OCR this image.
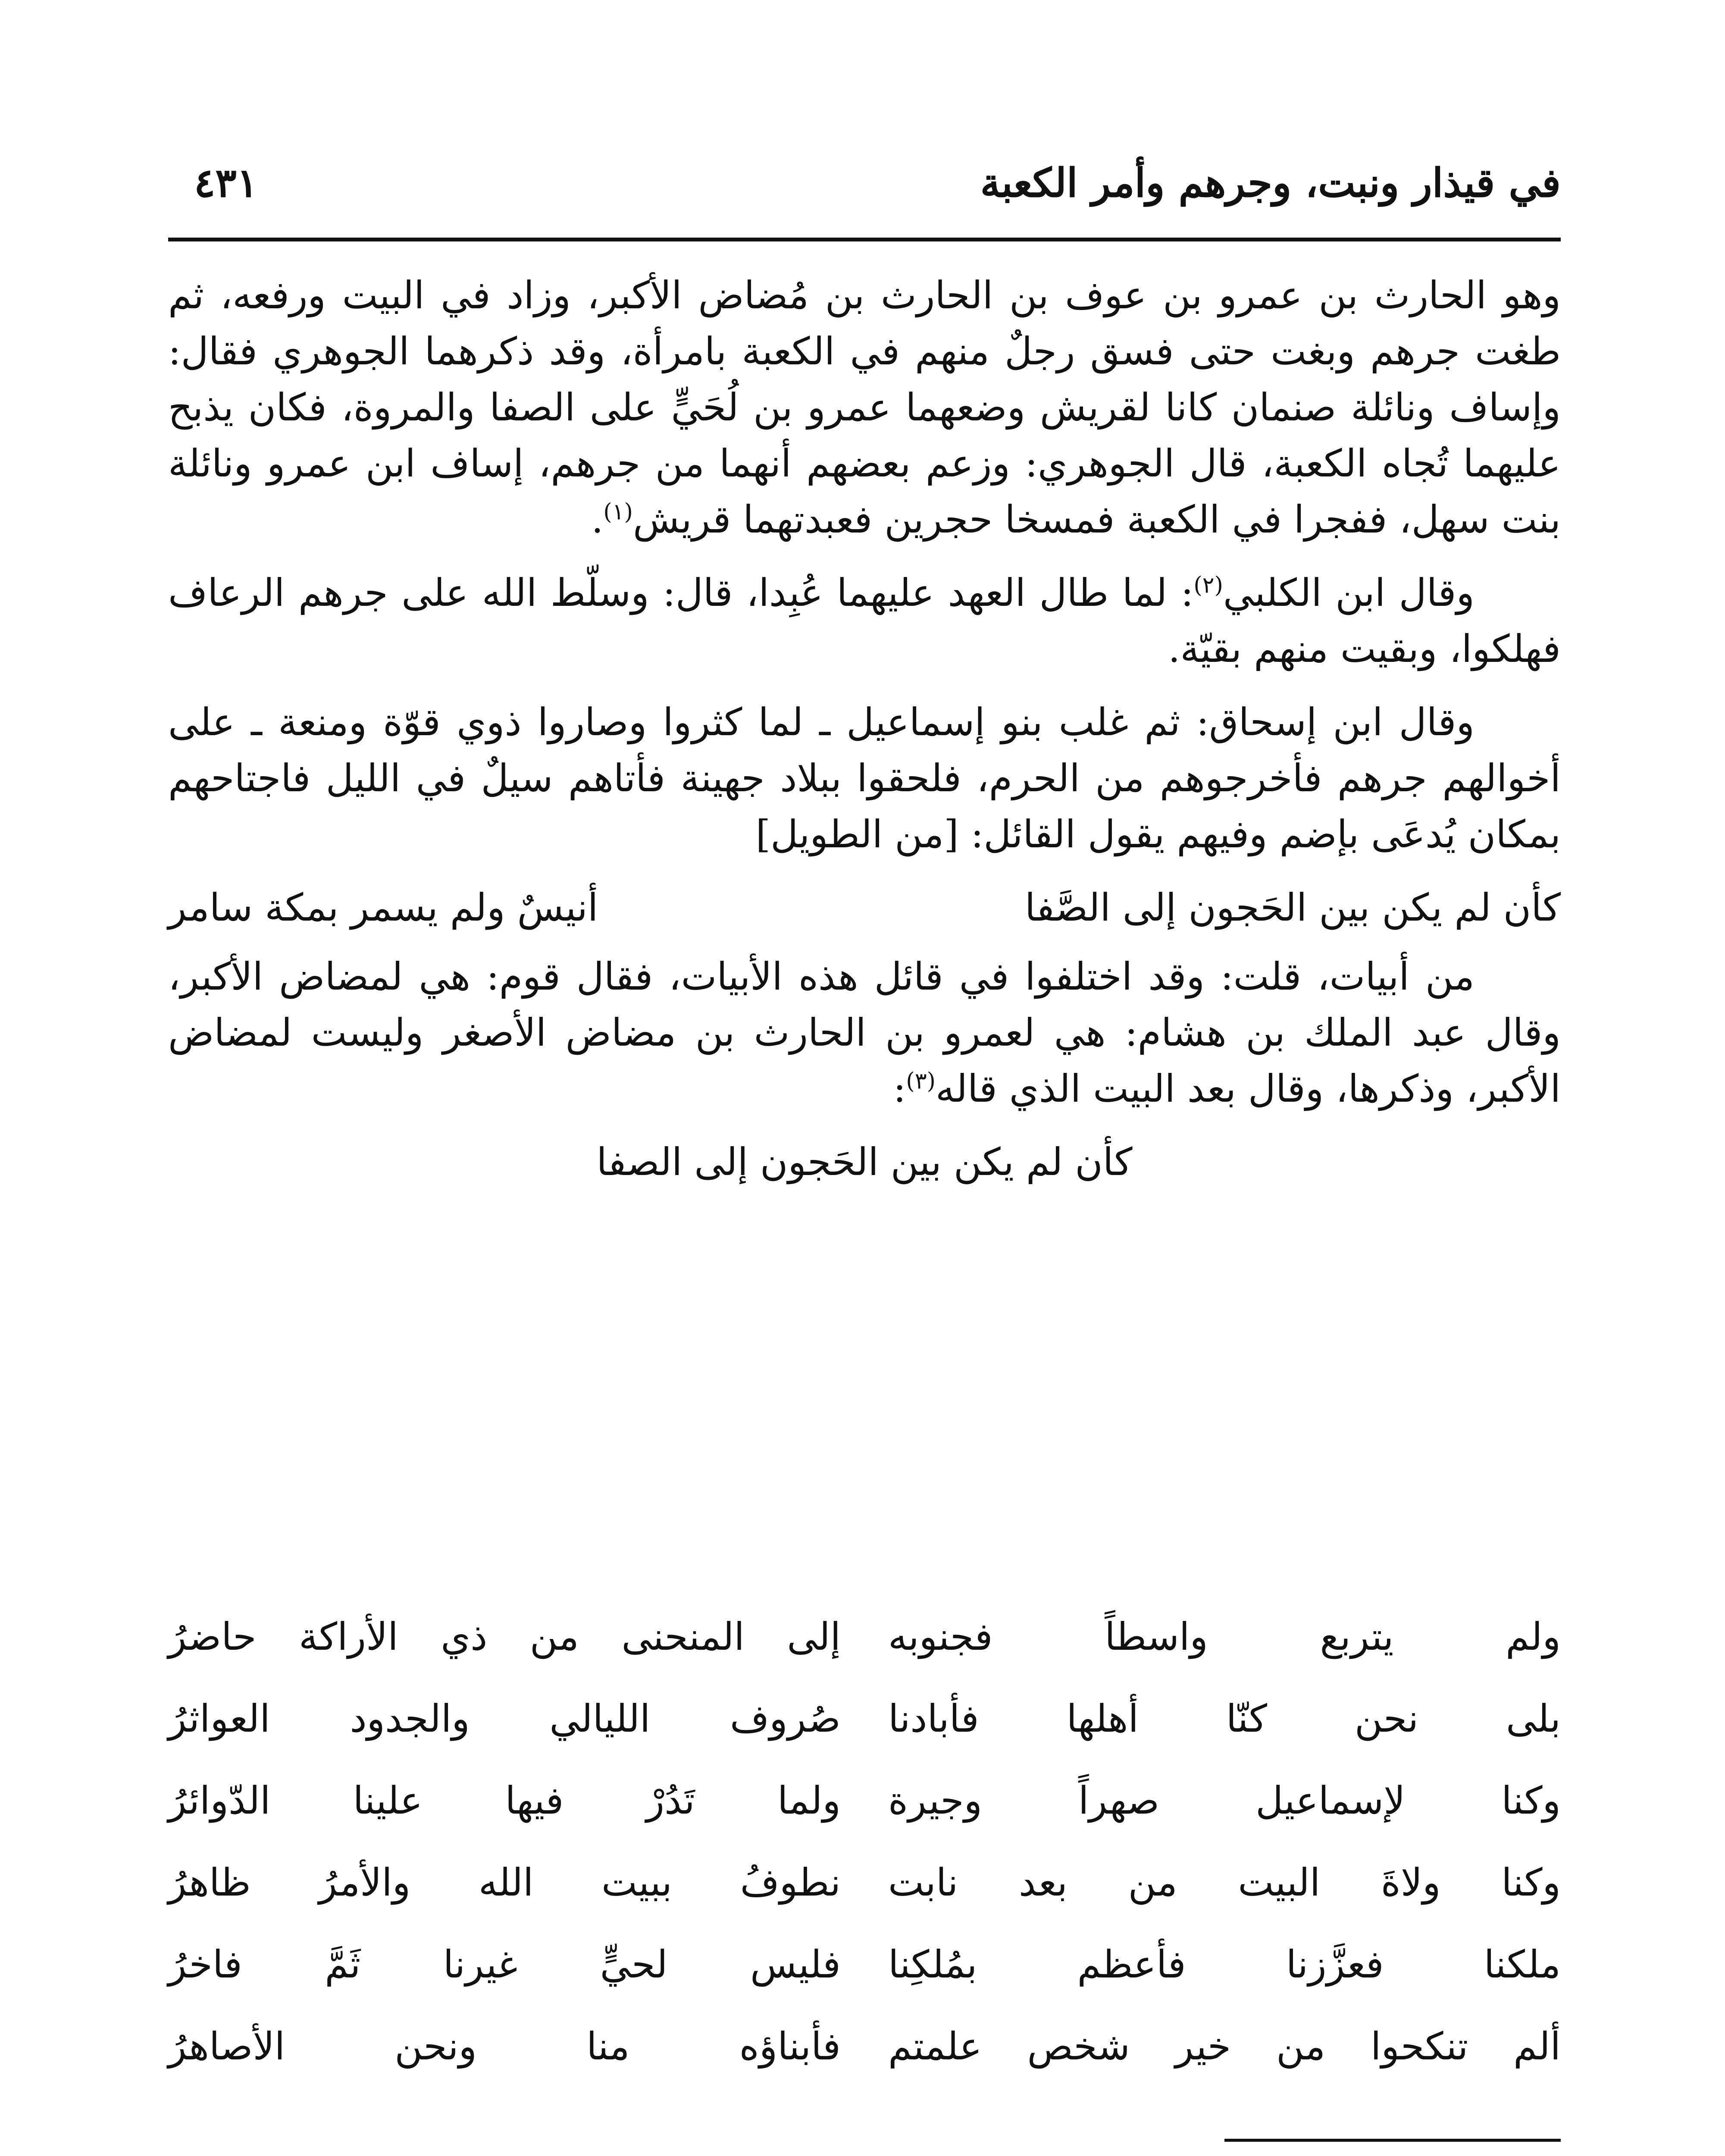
في قيذار ونبت، وجرهم وأمر الكعبة
٤٣١

وهو الحارث بن عمرو بن عوف بن الحارث بن مُضاض الأكبر، وزاد في البيت ورفعه، ثم طغت جرهم وبغت حتى فسق رجلٌ منهم في الكعبة بامرأة، وقد ذكرهما الجوهري فقال: وإساف ونائلة صنمان كانا لقريش وضعهما عمرو بن لُحَيٍّ على الصفا والمروة، فكان يذبح عليهما تُجاه الكعبة، قال الجوهري: وزعم بعضهم أنهما من جرهم، إساف ابن عمرو ونائلة بنت سهل، ففجرا في الكعبة فمسخا حجرين فعبدتهما قريش$^{(١)}$.

وقال ابن الكلبي$^{(٢)}$: لما طال العهد عليهما عُبِدا، قال: وسلّط الله على جرهم الرعاف فهلكوا، وبقيت منهم بقيّة.

وقال ابن إسحاق: ثم غلب بنو إسماعيل ـ لما كثروا وصاروا ذوي قوّة ومنعة ـ على أخوالهم جرهم فأخرجوهم من الحرم، فلحقوا ببلاد جهينة فأتاهم سيلٌ في الليل فاجتاحهم بمكان يُدعَى بإضم وفيهم يقول القائل: [من الطويل]

كأن لم يكن بين الحَجون إلى الصَّفا
أنيسٌ ولم يسمر بمكة سامر

من أبيات، قلت: وقد اختلفوا في قائل هذه الأبيات، فقال قوم: هي لمضاض الأكبر، وقال عبد الملك بن هشام: هي لعمرو بن الحارث بن مضاض الأصغر وليست لمضاض الأكبر، وذكرها، وقال بعد البيت الذي قاله$^{(٣)}$:

كأن لم يكن بين الحَجون إلى الصفا
ولم يتربع واسطاً فجنوبه
إلى المنحنى من ذي الأراكة حاضرُ
بلى نحن كنّا أهلها فأبادنا
صُروف الليالي والجدود العواثرُ
وكنا لإسماعيل صهراً وجيرة
ولما تَدُرْ فيها علينا الدّوائرُ
وكنا ولاةَ البيت من بعد نابت
نطوفُ ببيت الله والأمرُ ظاهرُ
ملكنا فعزَّزنا فأعظم بمُلكِنا
فليس لحيٍّ غيرنا ثَمَّ فاخرُ
ألم تنكحوا من خير شخص علمتم
فأبناؤه منا ونحن الأصاهرُ
